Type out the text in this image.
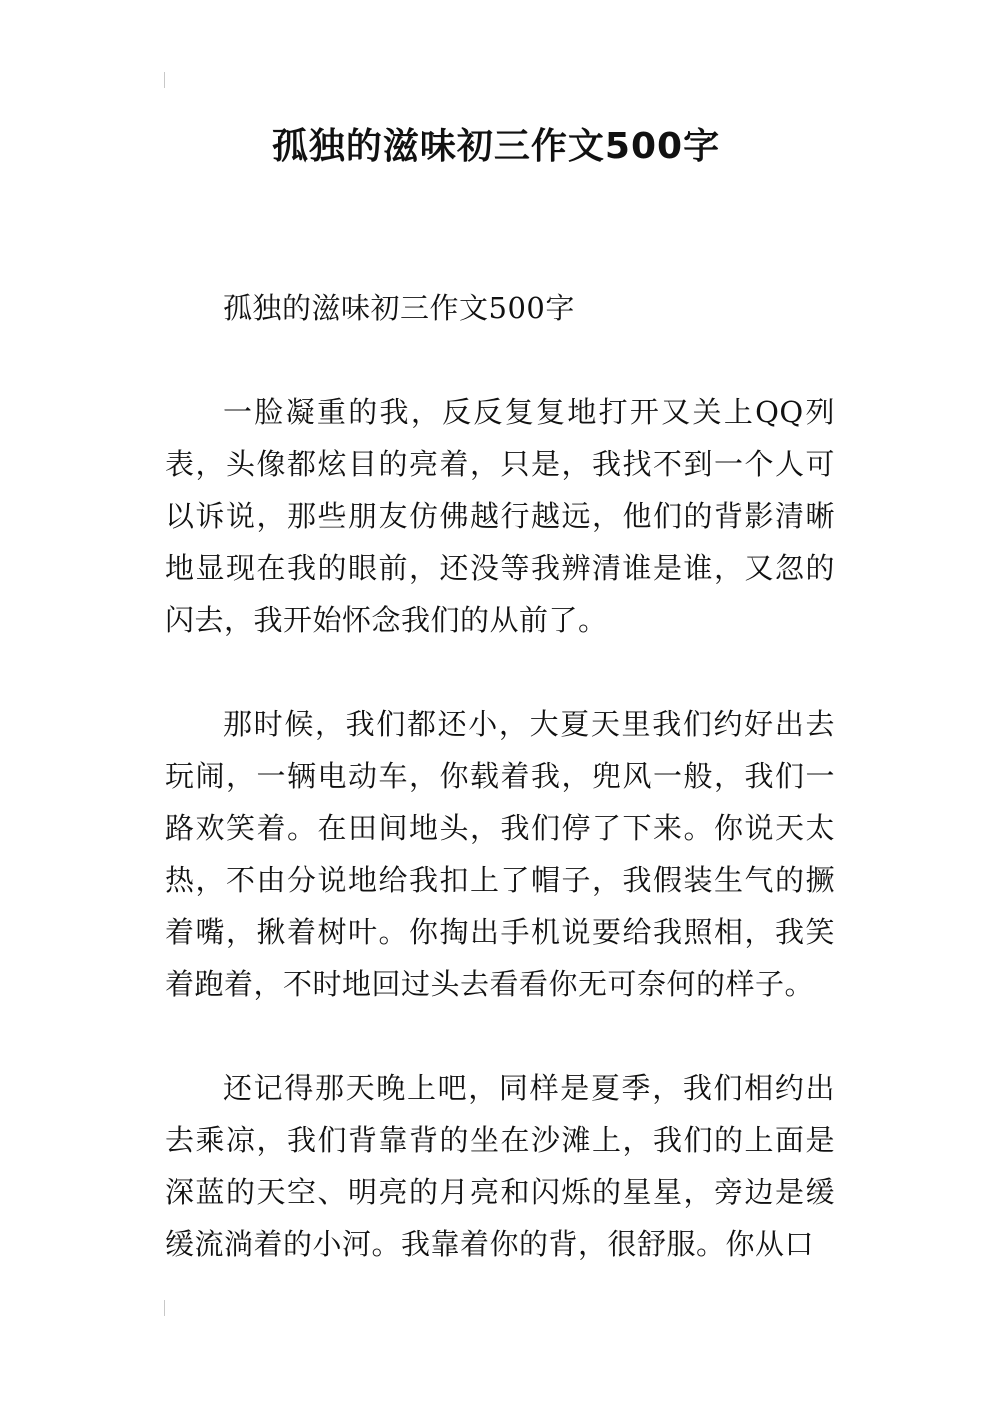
孤独的滋味初三作文500字

孤独的滋味初三作文500字

一脸凝重的我，反反复复地打开又关上QQ列表，头像都炫目的亮着，只是，我找不到一个人可以诉说，那些朋友仿佛越行越远，他们的背影清晰地显现在我的眼前，还没等我辨清谁是谁，又忽的闪去，我开始怀念我们的从前了。

那时候，我们都还小，大夏天里我们约好出去玩闹，一辆电动车，你载着我，兜风一般，我们一路欢笑着。在田间地头，我们停了下来。你说天太热，不由分说地给我扣上了帽子，我假装生气的撅着嘴，揪着树叶。你掏出手机说要给我照相，我笑着跑着，不时地回过头去看看你无可奈何的样子。

还记得那天晚上吧，同样是夏季，我们相约出去乘凉，我们背靠背的坐在沙滩上，我们的上面是深蓝的天空、明亮的月亮和闪烁的星星，旁边是缓缓流淌着的小河。我靠着你的背，很舒服。你从口
